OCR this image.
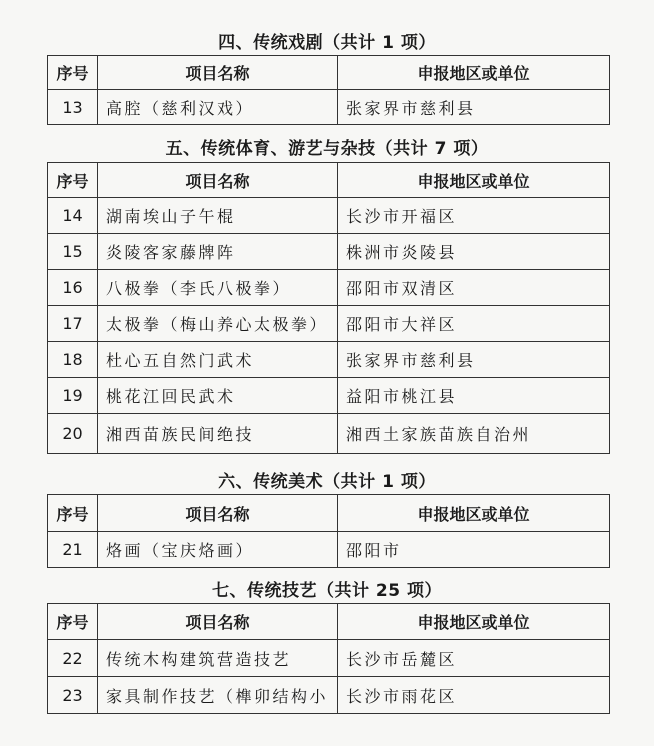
四、传统戏剧（共计 1 项）
序号	项目名称	申报地区或单位
13	高腔（慈利汉戏）	张家界市慈利县
五、传统体育、游艺与杂技（共计 7 项）
序号	项目名称	申报地区或单位
14	湖南埃山子午棍	长沙市开福区
15	炎陵客家藤牌阵	株洲市炎陵县
16	八极拳（李氏八极拳）	邵阳市双清区
17	太极拳（梅山养心太极拳）	邵阳市大祥区
18	杜心五自然门武术	张家界市慈利县
19	桃花江回民武术	益阳市桃江县
20	湘西苗族民间绝技	湘西土家族苗族自治州
六、传统美术（共计 1 项）
序号	项目名称	申报地区或单位
21	烙画（宝庆烙画）	邵阳市
七、传统技艺（共计 25 项）
序号	项目名称	申报地区或单位
22	传统木构建筑营造技艺	长沙市岳麓区
23	家具制作技艺（榫卯结构小	长沙市雨花区
